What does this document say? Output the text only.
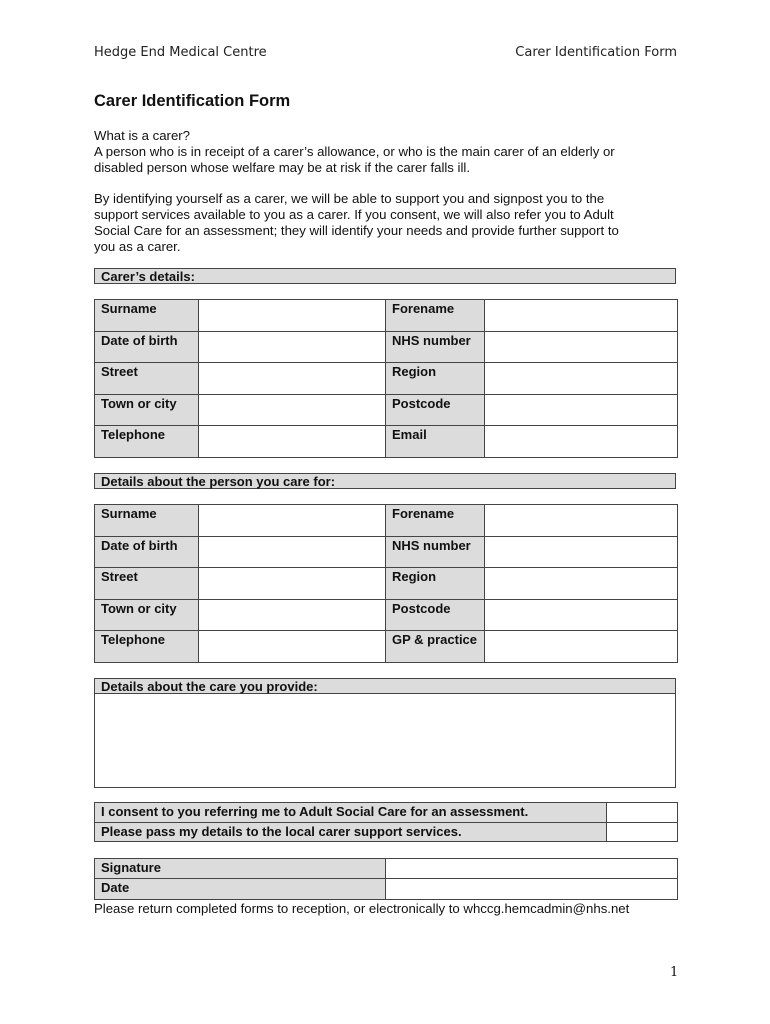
Hedge End Medical Centre	Carer Identification Form
Carer Identification Form
What is a carer?
A person who is in receipt of a carer’s allowance, or who is the main carer of an elderly or
disabled person whose welfare may be at risk if the carer falls ill.
By identifying yourself as a carer, we will be able to support you and signpost you to the
support services available to you as a carer. If you consent, we will also refer you to Adult
Social Care for an assessment; they will identify your needs and provide further support to
you as a carer.
Carer’s details:
Surname		Forename	
Date of birth		NHS number	
Street		Region	
Town or city		Postcode	
Telephone		Email	
Details about the person you care for:
Surname		Forename	
Date of birth		NHS number	
Street		Region	
Town or city		Postcode	
Telephone		GP & practice	
Details about the care you provide:
I consent to you referring me to Adult Social Care for an assessment.	
Please pass my details to the local carer support services.	
Signature	
Date	
Please return completed forms to reception, or electronically to whccg.hemcadmin@nhs.net
1
